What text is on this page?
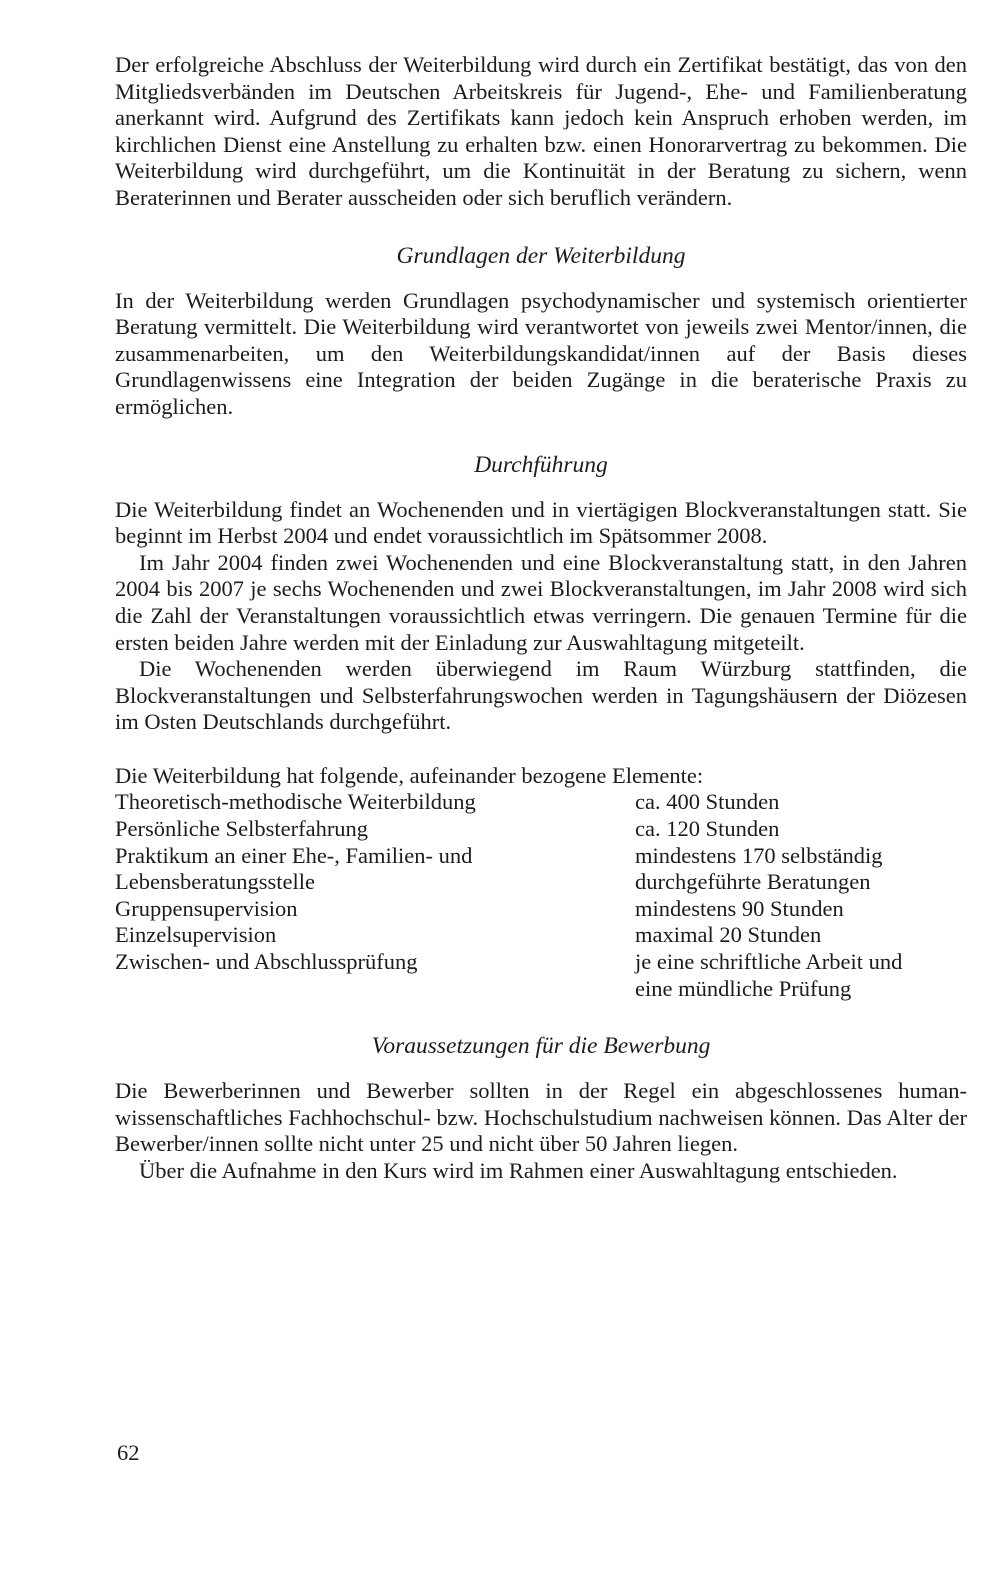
Der erfolgreiche Abschluss der Weiterbildung wird durch ein Zertifikat bestätigt, das von den Mitgliedsverbänden im Deutschen Arbeitskreis für Jugend-, Ehe- und Familienberatung anerkannt wird. Aufgrund des Zertifikats kann jedoch kein Anspruch erhoben werden, im kirchlichen Dienst eine Anstellung zu erhalten bzw. einen Honorarvertrag zu bekommen. Die Weiterbildung wird durchgeführt, um die Kontinuität in der Beratung zu sichern, wenn Beraterinnen und Berater ausscheiden oder sich beruflich verändern.

Grundlagen der Weiterbildung

In der Weiterbildung werden Grundlagen psychodynamischer und systemisch orientierter Beratung vermittelt. Die Weiterbildung wird verantwortet von jeweils zwei Mentor/innen, die zusammenarbeiten, um den Weiterbildungskandidat/innen auf der Basis dieses Grundlagenwissens eine Integration der beiden Zugänge in die beraterische Praxis zu ermöglichen.

Durchführung

Die Weiterbildung findet an Wochenenden und in viertägigen Blockveranstaltungen statt. Sie beginnt im Herbst 2004 und endet voraussichtlich im Spätsommer 2008.

Im Jahr 2004 finden zwei Wochenenden und eine Blockveranstaltung statt, in den Jahren 2004 bis 2007 je sechs Wochenenden und zwei Blockveranstaltungen, im Jahr 2008 wird sich die Zahl der Veranstaltungen voraussichtlich etwas verringern. Die genauen Termine für die ersten beiden Jahre werden mit der Einladung zur Auswahltagung mitgeteilt.

Die Wochenenden werden überwiegend im Raum Würzburg stattfinden, die Blockveranstaltungen und Selbsterfahrungswochen werden in Tagungshäusern der Diözesen im Osten Deutschlands durchgeführt.

Die Weiterbildung hat folgende, aufeinander bezogene Elemente:

Theoretisch-methodische Weiterbildung	ca. 400 Stunden
Persönliche Selbsterfahrung	ca. 120 Stunden
Praktikum an einer Ehe-, Familien- und	mindestens 170 selbständig
Lebensberatungsstelle	durchgeführte Beratungen
Gruppensupervision	mindestens 90 Stunden
Einzelsupervision	maximal 20 Stunden
Zwischen- und Abschlussprüfung	je eine schriftliche Arbeit und
	eine mündliche Prüfung
Voraussetzungen für die Bewerbung

Die Bewerberinnen und Bewerber sollten in der Regel ein abgeschlossenes human-wissenschaftliches Fachhochschul- bzw. Hochschulstudium nachweisen können. Das Alter der Bewerber/innen sollte nicht unter 25 und nicht über 50 Jahren liegen.

Über die Aufnahme in den Kurs wird im Rahmen einer Auswahltagung entschieden.

62
